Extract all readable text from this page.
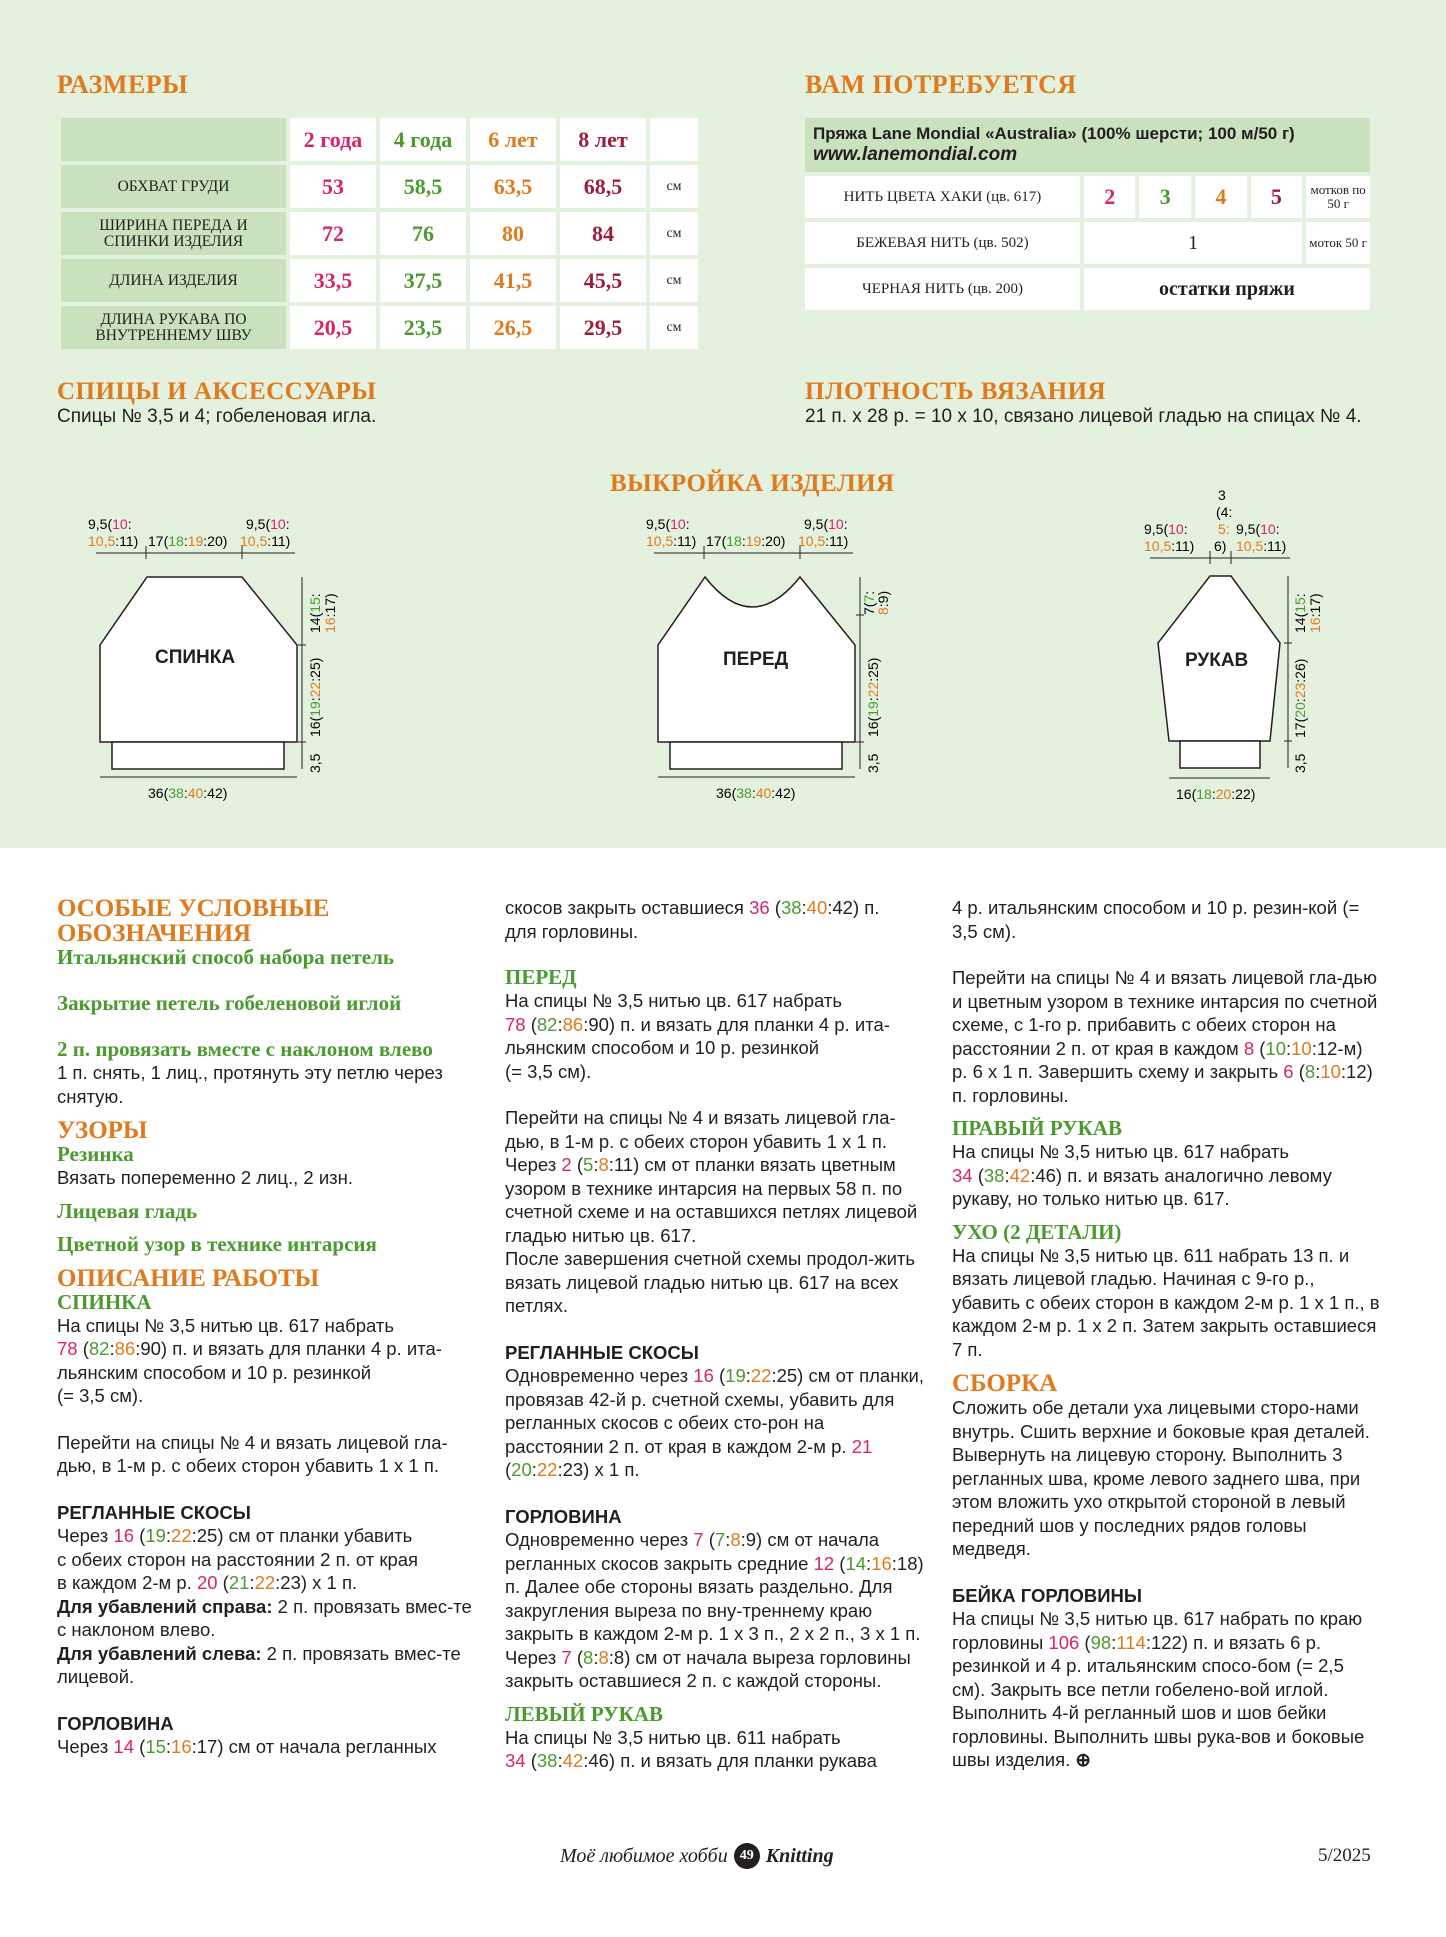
РАЗМЕРЫ
	2 года	4 года	6 лет	8 лет	
ОБХВАТ ГРУДИ	53	58,5	63,5	68,5	см
ШИРИНА ПЕРЕДА И СПИНКИ ИЗДЕЛИЯ	72	76	80	84	см
ДЛИНА ИЗДЕЛИЯ	33,5	37,5	41,5	45,5	см
ДЛИНА РУКАВА ПО ВНУТРЕННЕМУ ШВУ	20,5	23,5	26,5	29,5	см
ВАМ ПОТРЕБУЕТСЯ
Пряжа Lane Mondial «Australia» (100% шерсти; 100 м/50 г)
www.lanemondial.com					

НИТЬ ЦВЕТА ХАКИ (цв. 617)	2	3	4	5	мотков по 50 г
БЕЖЕВАЯ НИТЬ (цв. 502)	1				моток 50 г
ЧЕРНАЯ НИТЬ (цв. 200)	остатки пряжи				
СПИЦЫ И АКСЕССУАРЫ
Спицы № 3,5 и 4; гобеленовая игла.
ПЛОТНОСТЬ ВЯЗАНИЯ
21 п. х 28 р. = 10 х 10, связано лицевой гладью на спицах № 4.
ВЫКРОЙКА ИЗДЕЛИЯ
9,5(10:
10,5:11) 17(18:19:20)
9,5(10:
10,5:11)
СПИНКА
14(15:
16:17)
16(19:22:25)
3,5
36(38:40:42)
9,5(10:
10,5:11) 17(18:19:20)
9,5(10:
10,5:11)
ПЕРЕД
7(7:
8:9)
16(19:22:25)
3,5
36(38:40:42)
3
(4:
9,5(10: 5: 9,5(10:
10,5:11) 6) 10,5:11)
РУКАВ
14(15:
16:17)
17(20:23:26)
3,5
16(18:20:22)

ОСОБЫЕ УСЛОВНЫЕ ОБОЗНАЧЕНИЯ

Итальянский способ набора петель

Закрытие петель гобеленовой иглой

2 п. провязать вместе с наклоном влево

1 п. снять, 1 лиц., протянуть эту петлю через снятую.

УЗОРЫ

Резинка

Вязать попеременно 2 лиц., 2 изн.

Лицевая гладь

Цветной узор в технике интарсия

ОПИСАНИЕ РАБОТЫ

СПИНКА

На спицы № 3,5 нитью цв. 617 набрать
78 (82:86:90) п. и вязать для планки 4 р. ита-
льянским способом и 10 р. резинкой
(= 3,5 см).

Перейти на спицы № 4 и вязать лицевой гла-дью, в 1-м р. с обеих сторон убавить 1 х 1 п.

РЕГЛАННЫЕ СКОСЫ

Через 16 (19:22:25) см от планки убавить
с обеих сторон на расстоянии 2 п. от края
в каждом 2-м р. 20 (21:22:23) х 1 п.

Для убавлений справа: 2 п. провязать вмес-те с наклоном влево.

Для убавлений слева: 2 п. провязать вмес-те лицевой.

ГОРЛОВИНА

Через 14 (15:16:17) см от начала регланных

скосов закрыть оставшиеся 36 (38:40:42) п.
для горловины.

ПЕРЕД

На спицы № 3,5 нитью цв. 617 набрать
78 (82:86:90) п. и вязать для планки 4 р. ита-
льянским способом и 10 р. резинкой
(= 3,5 см).

Перейти на спицы № 4 и вязать лицевой гла-дью, в 1-м р. с обеих сторон убавить 1 х 1 п.

Через 2 (5:8:11) см от планки вязать цветным узором в технике интарсия на первых 58 п. по счетной схеме и на оставшихся петлях лицевой гладью нитью цв. 617.

После завершения счетной схемы продол-жить вязать лицевой гладью нитью цв. 617 на всех петлях.

РЕГЛАННЫЕ СКОСЫ

Одновременно через 16 (19:22:25) см от планки, провязав 42-й р. счетной схемы, убавить для регланных скосов с обеих сто-рон на расстоянии 2 п. от края в каждом 2-м р. 21 (20:22:23) х 1 п.

ГОРЛОВИНА

Одновременно через 7 (7:8:9) см от начала регланных скосов закрыть средние 12 (14:16:18) п. Далее обе стороны вязать раздельно. Для закругления выреза по вну-треннему краю закрыть в каждом 2-м р. 1 х 3 п., 2 х 2 п., 3 х 1 п.

Через 7 (8:8:8) см от начала выреза горловины закрыть оставшиеся 2 п. с каждой стороны.

ЛЕВЫЙ РУКАВ

На спицы № 3,5 нитью цв. 611 набрать
34 (38:42:46) п. и вязать для планки рукава

4 р. итальянским способом и 10 р. резин-кой (= 3,5 см).

Перейти на спицы № 4 и вязать лицевой гла-дью и цветным узором в технике интарсия по счетной схеме, с 1-го р. прибавить с обеих сторон на расстоянии 2 п. от края в каждом 8 (10:10:12-м) р. 6 х 1 п. Завершить схему и закрыть 6 (8:10:12) п. горловины.

ПРАВЫЙ РУКАВ

На спицы № 3,5 нитью цв. 617 набрать
34 (38:42:46) п. и вязать аналогично левому рукаву, но только нитью цв. 617.

УХО (2 ДЕТАЛИ)

На спицы № 3,5 нитью цв. 611 набрать 13 п. и вязать лицевой гладью. Начиная с 9-го р., убавить с обеих сторон в каждом 2-м р. 1 х 1 п., в каждом 2-м р. 1 х 2 п. Затем закрыть оставшиеся 7 п.

СБОРКА

Сложить обе детали уха лицевыми сторо-нами внутрь. Сшить верхние и боковые края деталей. Вывернуть на лицевую сторону. Выполнить 3 регланных шва, кроме левого заднего шва, при этом вложить ухо открытой стороной в левый передний шов у последних рядов головы медведя.

БЕЙКА ГОРЛОВИНЫ

На спицы № 3,5 нитью цв. 617 набрать по краю горловины 106 (98:114:122) п. и вязать 6 р. резинкой и 4 р. итальянским спосо-бом (= 2,5 см). Закрыть все петли гобелено-вой иглой. Выполнить 4-й регланный шов и шов бейки горловины. Выполнить швы рука-вов и боковые швы изделия. ⊕

Моё любимое хобби 49 Knitting	5/2025
